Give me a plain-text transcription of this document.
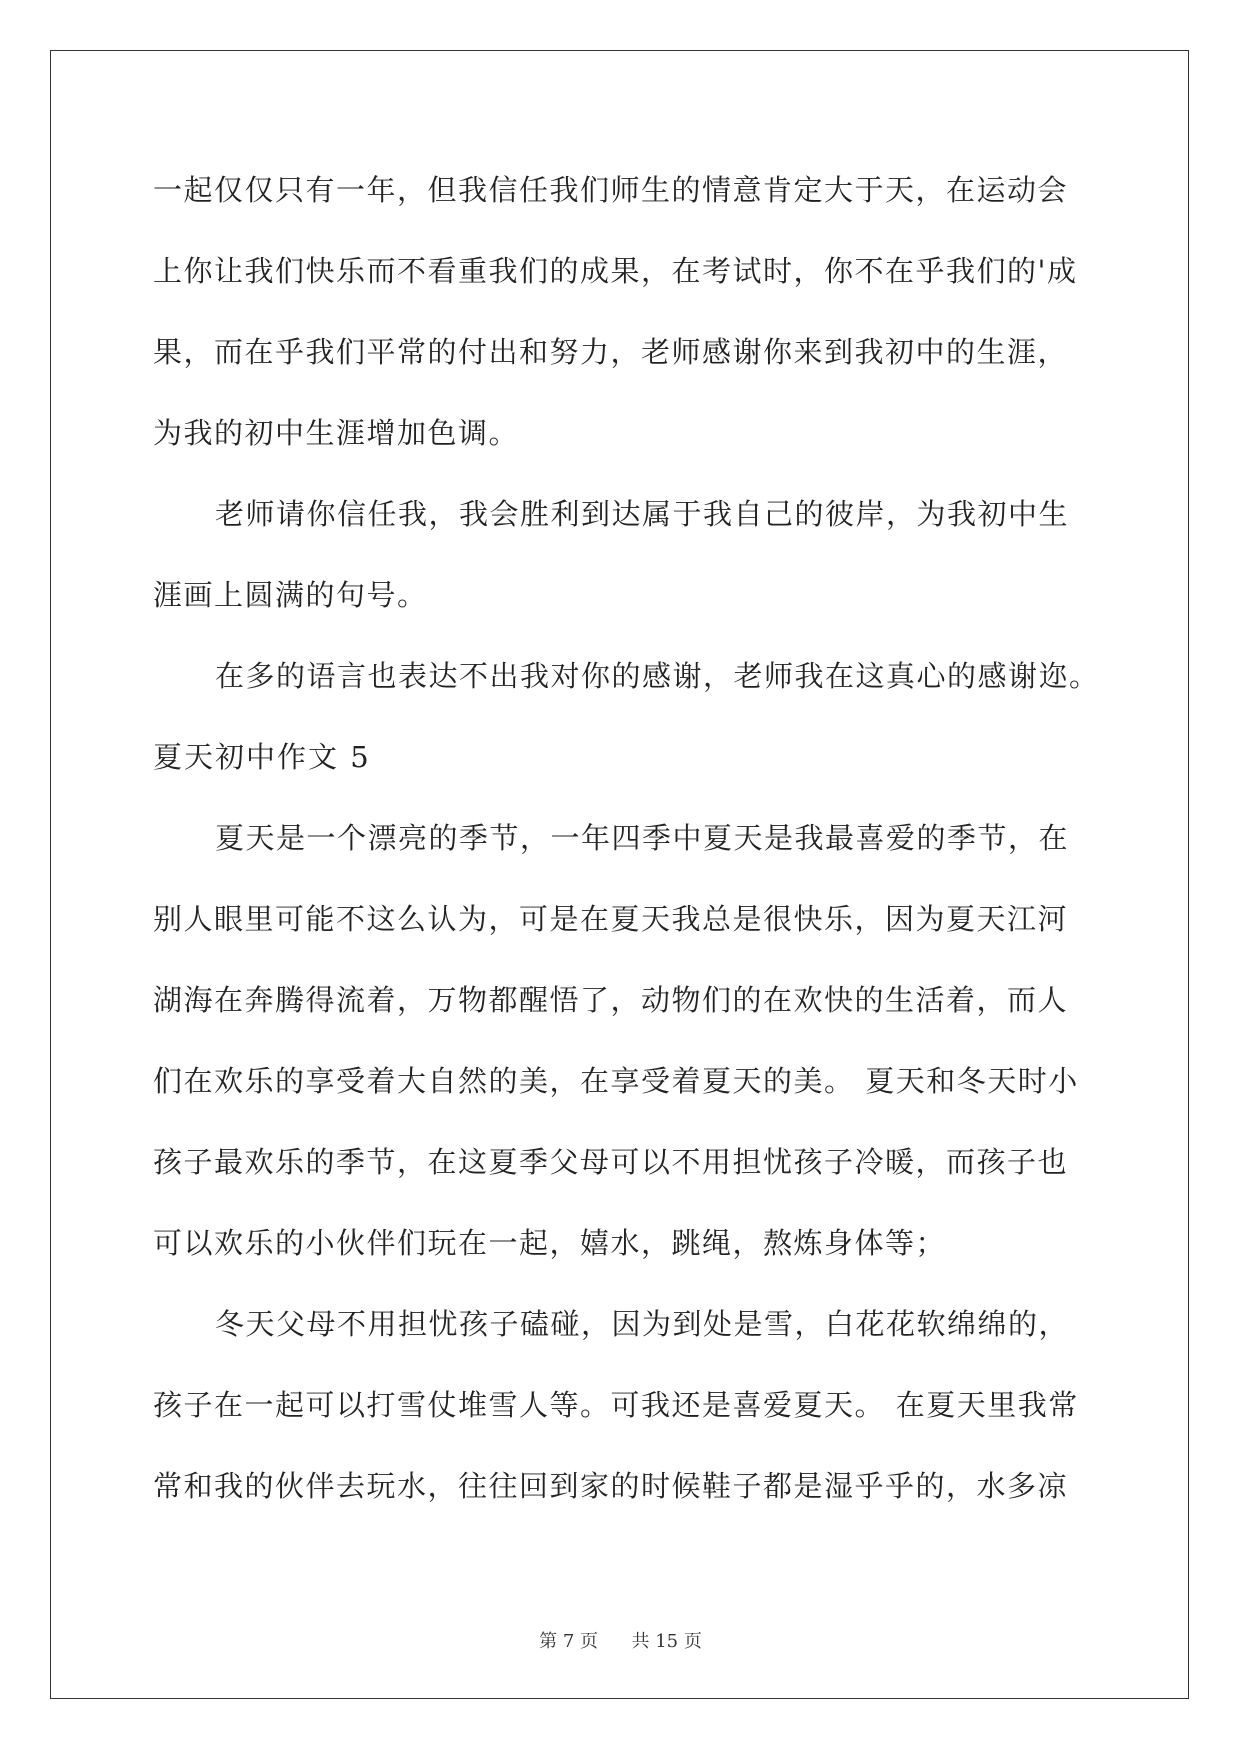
一起仅仅只有一年，但我信任我们师生的情意肯定大于天，在运动会
上你让我们快乐而不看重我们的成果，在考试时，你不在乎我们的'成
果，而在乎我们平常的付出和努力，老师感谢你来到我初中的生涯，
为我的初中生涯增加色调。
老师请你信任我，我会胜利到达属于我自己的彼岸，为我初中生
涯画上圆满的句号。
在多的语言也表达不出我对你的感谢，老师我在这真心的感谢迩。
夏天初中作文 5
夏天是一个漂亮的季节，一年四季中夏天是我最喜爱的季节，在
别人眼里可能不这么认为，可是在夏天我总是很快乐，因为夏天江河
湖海在奔腾得流着，万物都醒悟了，动物们的在欢快的生活着，而人
们在欢乐的享受着大自然的美，在享受着夏天的美。 夏天和冬天时小
孩子最欢乐的季节，在这夏季父母可以不用担忧孩子冷暖，而孩子也
可以欢乐的小伙伴们玩在一起，嬉水，跳绳，熬炼身体等；
冬天父母不用担忧孩子磕碰，因为到处是雪，白花花软绵绵的，
孩子在一起可以打雪仗堆雪人等。可我还是喜爱夏天。 在夏天里我常
常和我的伙伴去玩水，往往回到家的时候鞋子都是湿乎乎的，水多凉
第 7 页 共 15 页
